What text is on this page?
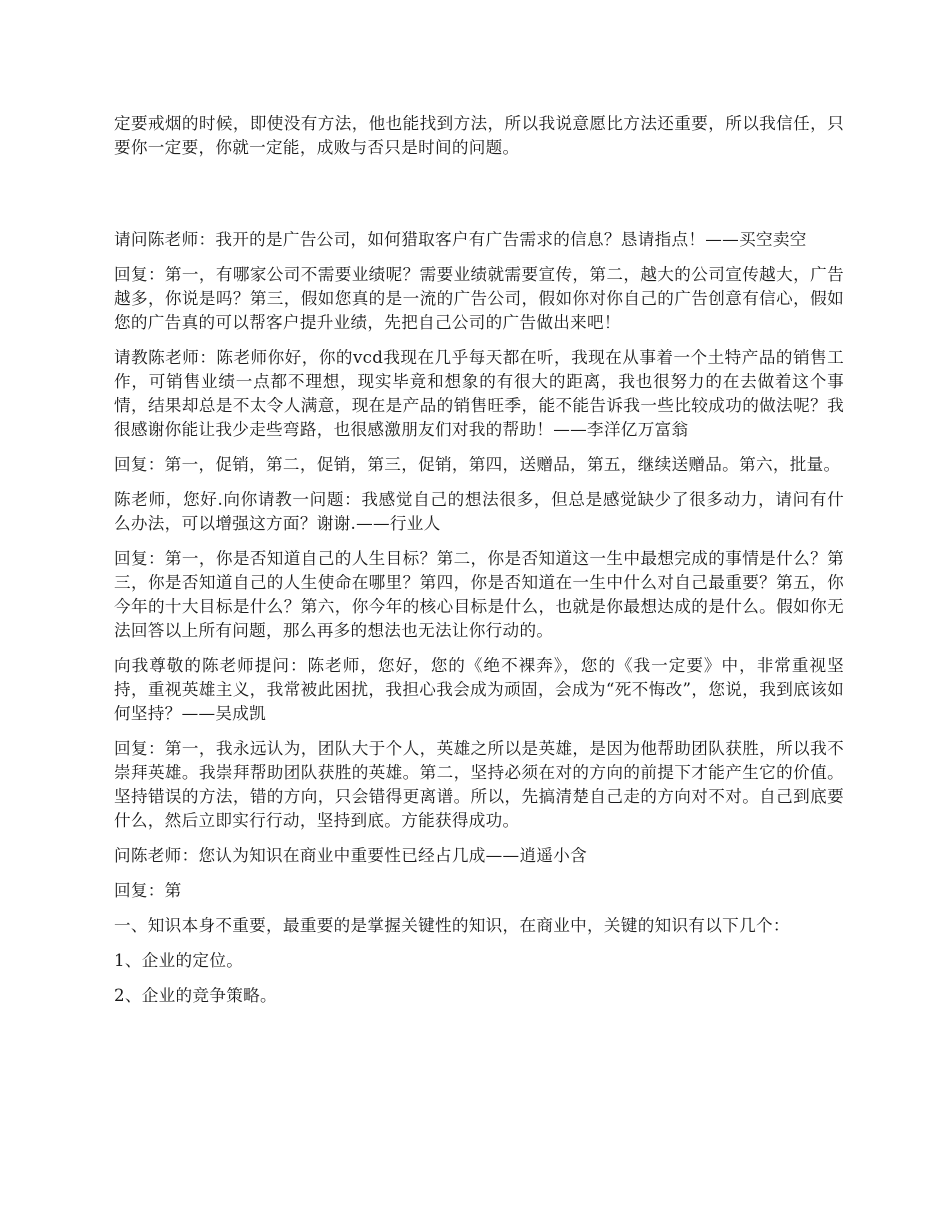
定要戒烟的时候，即使没有方法，他也能找到方法，所以我说意愿比方法还重要，所以我信任，只要你一定要，你就一定能，成败与否只是时间的问题。

请问陈老师：我开的是广告公司，如何猎取客户有广告需求的信息？恳请指点！——买空卖空

回复：第一，有哪家公司不需要业绩呢？需要业绩就需要宣传，第二，越大的公司宣传越大，广告越多，你说是吗？第三，假如您真的是一流的广告公司，假如你对你自己的广告创意有信心，假如您的广告真的可以帮客户提升业绩，先把自己公司的广告做出来吧！

请教陈老师：陈老师你好，你的vcd我现在几乎每天都在听，我现在从事着一个土特产品的销售工作，可销售业绩一点都不理想，现实毕竟和想象的有很大的距离，我也很努力的在去做着这个事情，结果却总是不太令人满意，现在是产品的销售旺季，能不能告诉我一些比较成功的做法呢？我很感谢你能让我少走些弯路，也很感激朋友们对我的帮助！——李洋亿万富翁

回复：第一，促销，第二，促销，第三，促销，第四，送赠品，第五，继续送赠品。第六，批量。

陈老师，您好.向你请教一问题：我感觉自己的想法很多，但总是感觉缺少了很多动力，请问有什么办法，可以增强这方面？谢谢.——行业人

回复：第一，你是否知道自己的人生目标？第二，你是否知道这一生中最想完成的事情是什么？第三，你是否知道自己的人生使命在哪里？第四，你是否知道在一生中什么对自己最重要？第五，你今年的十大目标是什么？第六，你今年的核心目标是什么，也就是你最想达成的是什么。假如你无法回答以上所有问题，那么再多的想法也无法让你行动的。

向我尊敬的陈老师提问：陈老师，您好，您的《绝不裸奔》，您的《我一定要》中，非常重视坚持，重视英雄主义，我常被此困扰，我担心我会成为顽固，会成为“死不悔改”，您说，我到底该如何坚持？——吴成凯

回复：第一，我永远认为，团队大于个人，英雄之所以是英雄，是因为他帮助团队获胜，所以我不崇拜英雄。我崇拜帮助团队获胜的英雄。第二，坚持必须在对的方向的前提下才能产生它的价值。坚持错误的方法，错的方向，只会错得更离谱。所以，先搞清楚自己走的方向对不对。自己到底要什么，然后立即实行行动，坚持到底。方能获得成功。

问陈老师：您认为知识在商业中重要性已经占几成——逍遥小含

回复：第

一、知识本身不重要，最重要的是掌握关键性的知识，在商业中，关键的知识有以下几个：

1、企业的定位。

2、企业的竞争策略。
